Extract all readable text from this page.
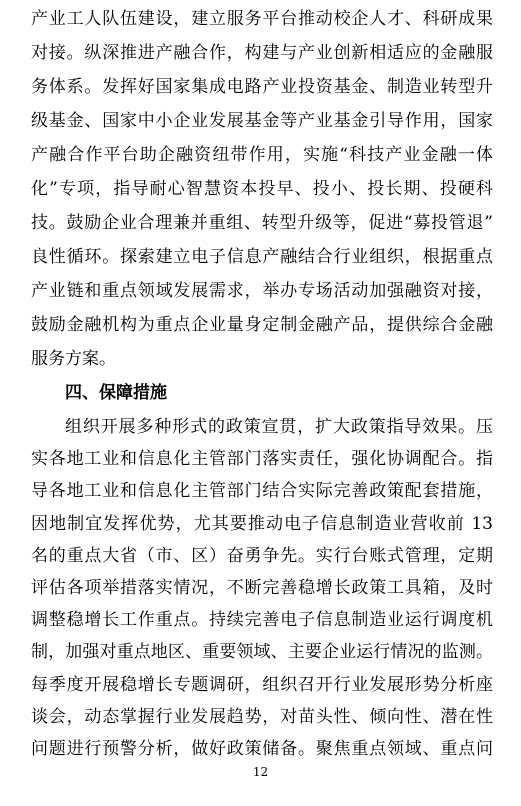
产业工人队伍建设，建立服务平台推动校企人才、科研成果
对接。纵深推进产融合作，构建与产业创新相适应的金融服
务体系。发挥好国家集成电路产业投资基金、制造业转型升
级基金、国家中小企业发展基金等产业基金引导作用，国家
产融合作平台助企融资纽带作用，实施“科技产业金融一体
化”专项，指导耐心智慧资本投早、投小、投长期、投硬科
技。鼓励企业合理兼并重组、转型升级等，促进“募投管退”
良性循环。探索建立电子信息产融结合行业组织，根据重点
产业链和重点领域发展需求，举办专场活动加强融资对接，
鼓励金融机构为重点企业量身定制金融产品，提供综合金融
服务方案。
四、保障措施
组织开展多种形式的政策宣贯，扩大政策指导效果。压
实各地工业和信息化主管部门落实责任，强化协调配合。指
导各地工业和信息化主管部门结合实际完善政策配套措施，
因地制宜发挥优势，尤其要推动电子信息制造业营收前 13
名的重点大省（市、区）奋勇争先。实行台账式管理，定期
评估各项举措落实情况，不断完善稳增长政策工具箱，及时
调整稳增长工作重点。持续完善电子信息制造业运行调度机
制，加强对重点地区、重要领域、主要企业运行情况的监测。
每季度开展稳增长专题调研，组织召开行业发展形势分析座
谈会，动态掌握行业发展趋势，对苗头性、倾向性、潜在性
问题进行预警分析，做好政策储备。聚焦重点领域、重点问
12
